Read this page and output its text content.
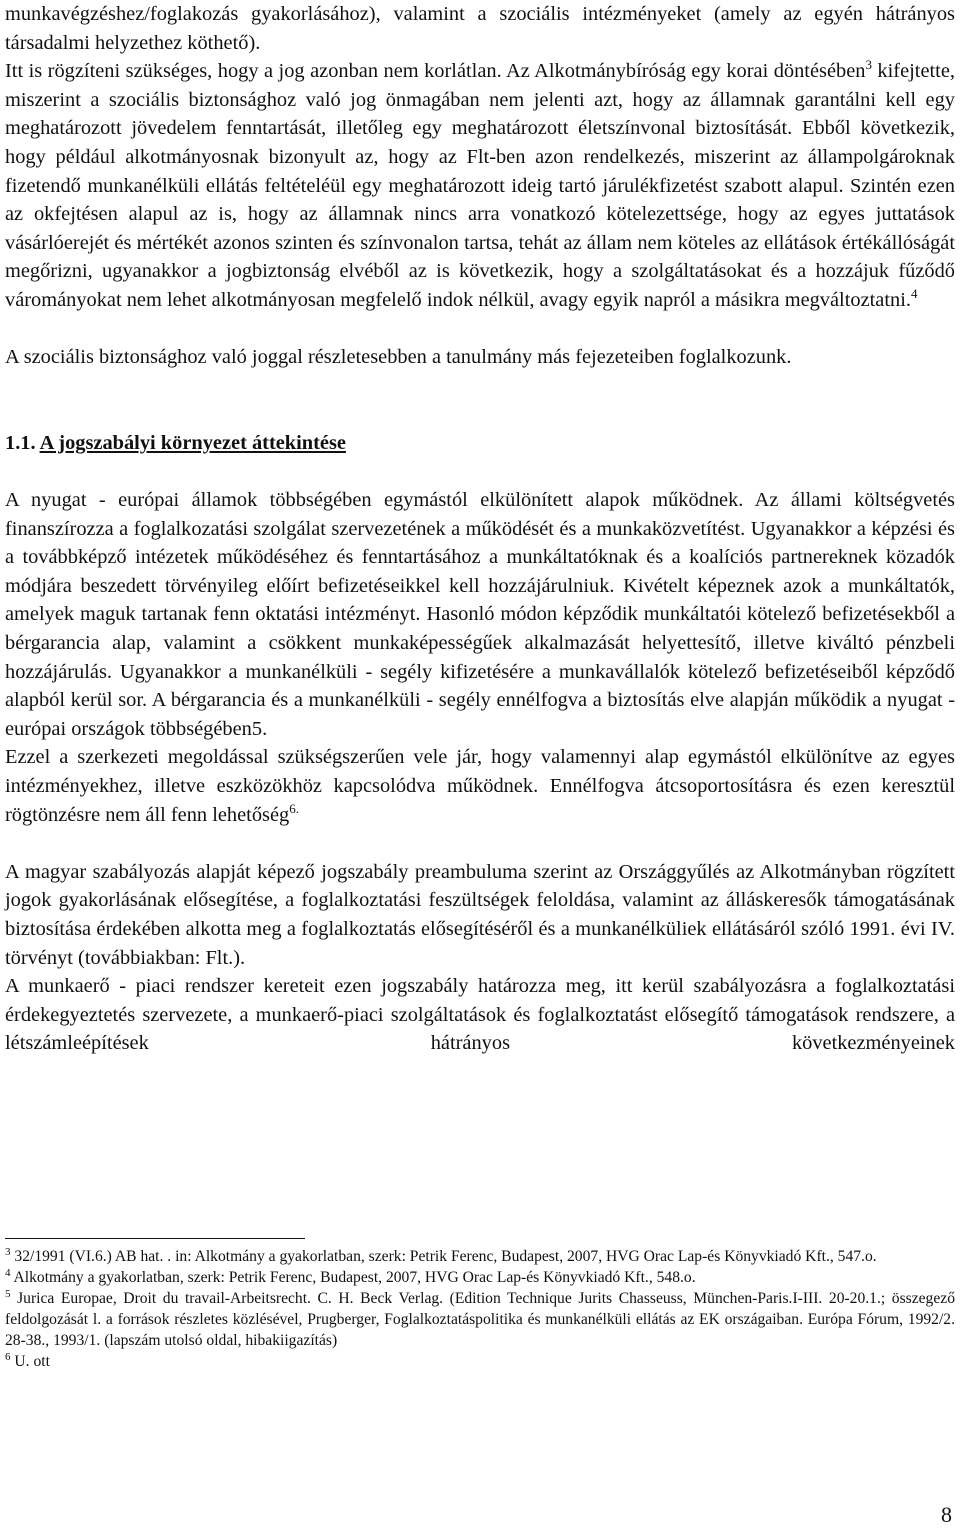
munkavégzéshez/foglakozás gyakorlásához), valamint a szociális intézményeket (amely az egyén hátrányos társadalmi helyzethez köthető).

Itt is rögzíteni szükséges, hogy a jog azonban nem korlátlan. Az Alkotmánybíróság egy korai döntésében$^3$ kifejtette, miszerint a szociális biztonsághoz való jog önmagában nem jelenti azt, hogy az államnak garantálni kell egy meghatározott jövedelem fenntartását, illetőleg egy meghatározott életszínvonal biztosítását. Ebből következik, hogy például alkotmányosnak bizonyult az, hogy az Flt-ben azon rendelkezés, miszerint az állampolgároknak fizetendő munkanélküli ellátás feltételéül egy meghatározott ideig tartó járulékfizetést szabott alapul. Szintén ezen az okfejtésen alapul az is, hogy az államnak nincs arra vonatkozó kötelezettsége, hogy az egyes juttatások vásárlóerejét és mértékét azonos szinten és színvonalon tartsa, tehát az állam nem köteles az ellátások értékállóságát megőrizni, ugyanakkor a jogbiztonság elvéből az is következik, hogy a szolgáltatásokat és a hozzájuk fűződő várományokat nem lehet alkotmányosan megfelelő indok nélkül, avagy egyik napról a másikra megváltoztatni.$^4$

A szociális biztonsághoz való joggal részletesebben a tanulmány más fejezeteiben foglalkozunk.

1.1. A jogszabályi környezet áttekintése

A nyugat - európai államok többségében egymástól elkülönített alapok működnek. Az állami költségvetés finanszírozza a foglalkozatási szolgálat szervezetének a működését és a munkaközvetítést. Ugyanakkor a képzési és a továbbképző intézetek működéséhez és fenntartásához a munkáltatóknak és a koalíciós partnereknek közadók módjára beszedett törvényileg előírt befizetéseikkel kell hozzájárulniuk. Kivételt képeznek azok a munkáltatók, amelyek maguk tartanak fenn oktatási intézményt. Hasonló módon képződik munkáltatói kötelező befizetésekből a bérgarancia alap, valamint a csökkent munkaképességűek alkalmazását helyettesítő, illetve kiváltó pénzbeli hozzájárulás. Ugyanakkor a munkanélküli - segély kifizetésére a munkavállalók kötelező befizetéseiből képződő alapból kerül sor. A bérgarancia és a munkanélküli - segély ennélfogva a biztosítás elve alapján működik a nyugat - európai országok többségében5.

Ezzel a szerkezeti megoldással szükségszerűen vele jár, hogy valamennyi alap egymástól elkülönítve az egyes intézményekhez, illetve eszközökhöz kapcsolódva működnek. Ennélfogva átcsoportosításra és ezen keresztül rögtönzésre nem áll fenn lehetőség$^{6.}$

A magyar szabályozás alapját képező jogszabály preambuluma szerint az Országgyűlés az Alkotmányban rögzített jogok gyakorlásának elősegítése, a foglalkoztatási feszültségek feloldása, valamint az álláskeresők támogatásának biztosítása érdekében alkotta meg a foglalkoztatás elősegítéséről és a munkanélküliek ellátásáról szóló 1991. évi IV. törvényt (továbbiakban: Flt.).

A munkaerő - piaci rendszer kereteit ezen jogszabály határozza meg, itt kerül szabályozásra a foglalkoztatási érdekegyeztetés szervezete, a munkaerő-piaci szolgáltatások és foglalkoztatást elősegítő támogatások rendszere, a létszámleépítések hátrányos következményeinek

$^3$ 32/1991 (VI.6.) AB hat. . in: Alkotmány a gyakorlatban, szerk: Petrik Ferenc, Budapest, 2007, HVG Orac Lap-és Könyvkiadó Kft., 547.o.

$^4$ Alkotmány a gyakorlatban, szerk: Petrik Ferenc, Budapest, 2007, HVG Orac Lap-és Könyvkiadó Kft., 548.o.

$^5$ Jurica Europae, Droit du travail-Arbeitsrecht. C. H. Beck Verlag. (Edition Technique Jurits Chasseuss, München-Paris.I-III. 20-20.1.; összegező feldolgozását l. a források részletes közlésével, Prugberger, Foglalkoztatáspolitika és munkanélküli ellátás az EK országaiban. Európa Fórum, 1992/2. 28-38., 1993/1. (lapszám utolsó oldal, hibakiigazítás)

$^6$ U. ott

8
